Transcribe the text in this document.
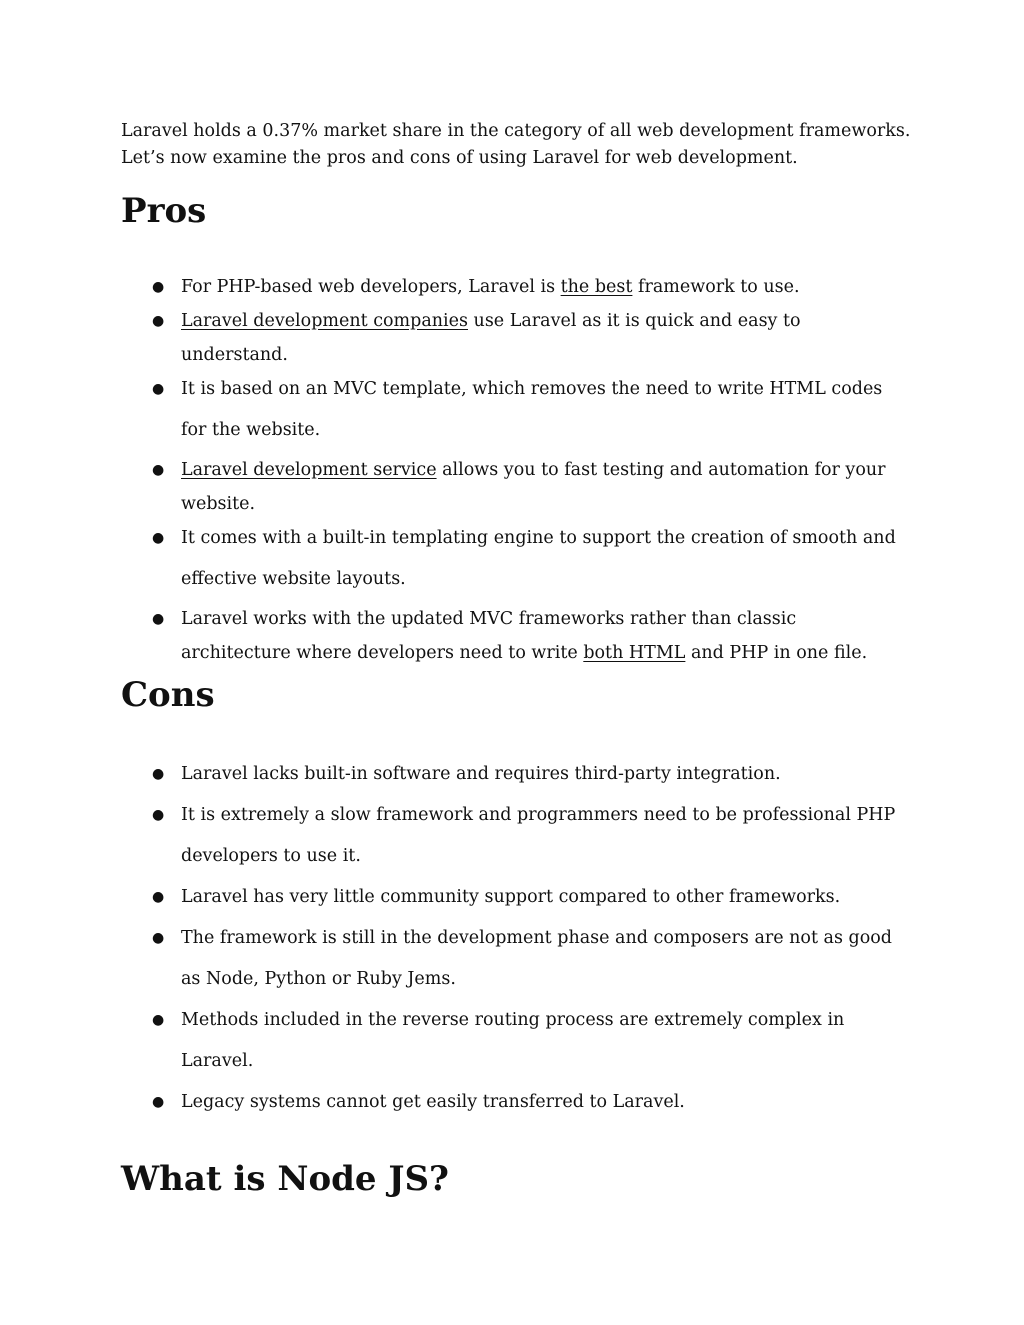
Laravel holds a 0.37% market share in the category of all web development frameworks.
Let’s now examine the pros and cons of using Laravel for web development.

Pros
● For PHP-based web developers, Laravel is the best framework to use.
● Laravel development companies use Laravel as it is quick and easy to understand.
● It is based on an MVC template, which removes the need to write HTML codes for the website.
● Laravel development service allows you to fast testing and automation for your website.
● It comes with a built-in templating engine to support the creation of smooth and effective website layouts.
● Laravel works with the updated MVC frameworks rather than classic architecture where developers need to write both HTML and PHP in one file.
Cons
● Laravel lacks built-in software and requires third-party integration.
● It is extremely a slow framework and programmers need to be professional PHP developers to use it.
● Laravel has very little community support compared to other frameworks.
● The framework is still in the development phase and composers are not as good as Node, Python or Ruby Jems.
● Methods included in the reverse routing process are extremely complex in Laravel.
● Legacy systems cannot get easily transferred to Laravel.
What is Node JS?
